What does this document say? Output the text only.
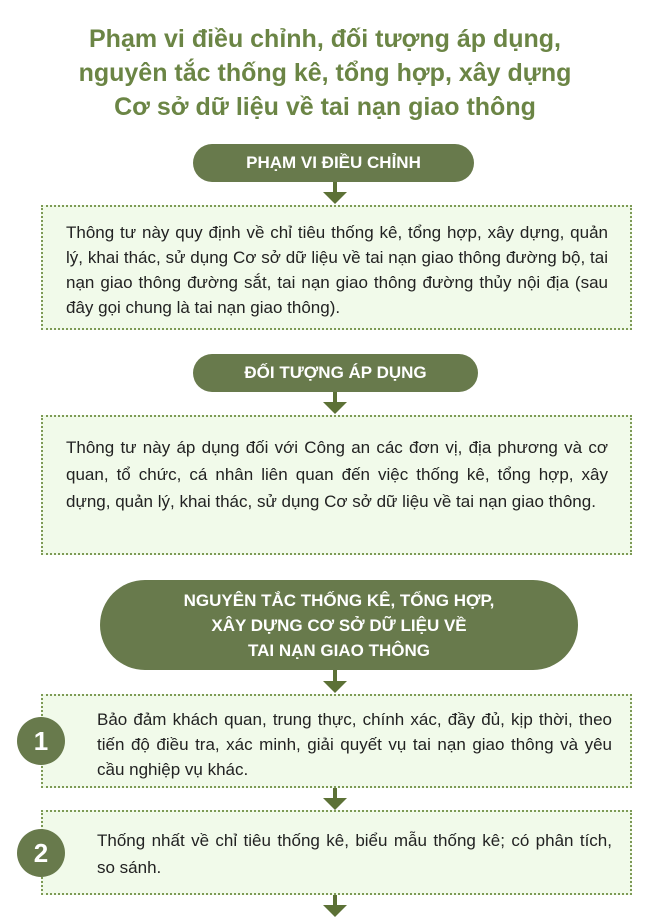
Phạm vi điều chỉnh, đối tượng áp dụng,
nguyên tắc thống kê, tổng hợp, xây dựng
Cơ sở dữ liệu về tai nạn giao thông
PHẠM VI ĐIỀU CHỈNH

Thông tư này quy định về chỉ tiêu thống kê, tổng hợp, xây dựng, quản lý, khai thác, sử dụng Cơ sở dữ liệu về tai nạn giao thông đường bộ, tai nạn giao thông đường sắt, tai nạn giao thông đường thủy nội địa (sau đây gọi chung là tai nạn giao thông).

ĐỐI TƯỢNG ÁP DỤNG

Thông tư này áp dụng đối với Công an các đơn vị, địa phương và cơ quan, tổ chức, cá nhân liên quan đến việc thống kê, tổng hợp, xây dựng, quản lý, khai thác, sử dụng Cơ sở dữ liệu về tai nạn giao thông.

NGUYÊN TẮC THỐNG KÊ, TỔNG HỢP,
XÂY DỰNG CƠ SỞ DỮ LIỆU VỀ
TAI NẠN GIAO THÔNG

Bảo đảm khách quan, trung thực, chính xác, đầy đủ, kịp thời, theo tiến độ điều tra, xác minh, giải quyết vụ tai nạn giao thông và yêu cầu nghiệp vụ khác.

1

Thống nhất về chỉ tiêu thống kê, biểu mẫu thống kê; có phân tích, so sánh.

2
